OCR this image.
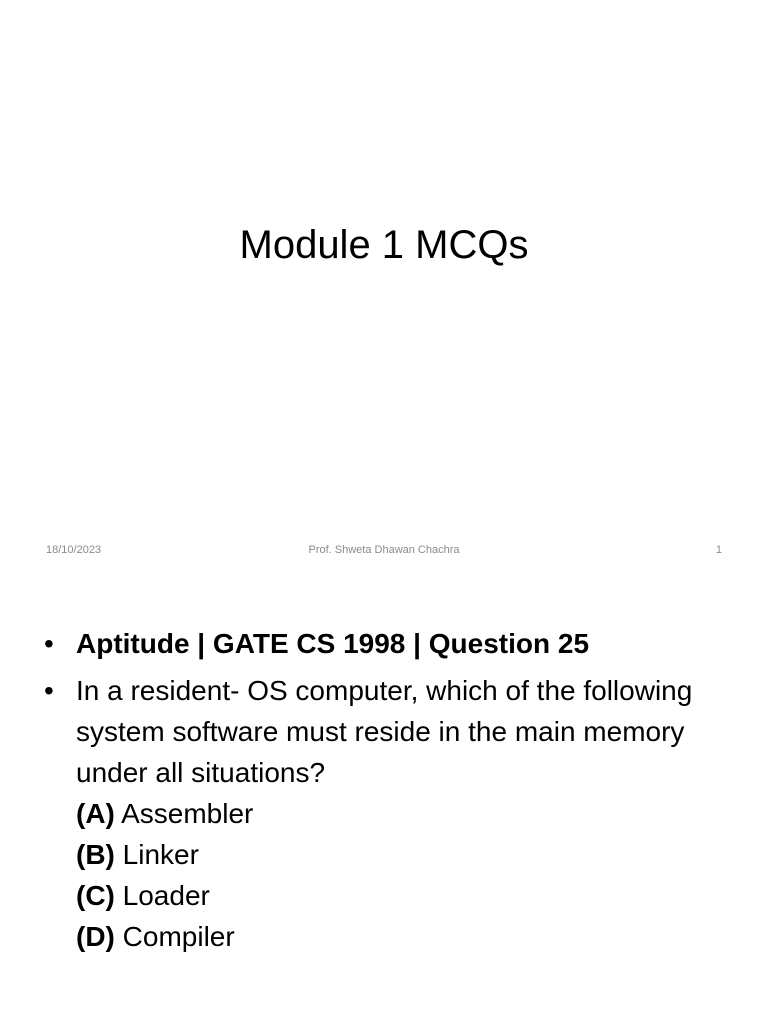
Module 1 MCQs
18/10/2023	Prof. Shweta Dhawan Chachra	1
• Aptitude | GATE CS 1998 | Question 25
• In a resident- OS computer, which of the following system software must reside in the main memory under all situations?
(A) Assembler
(B) Linker
(C) Loader
(D) Compiler
